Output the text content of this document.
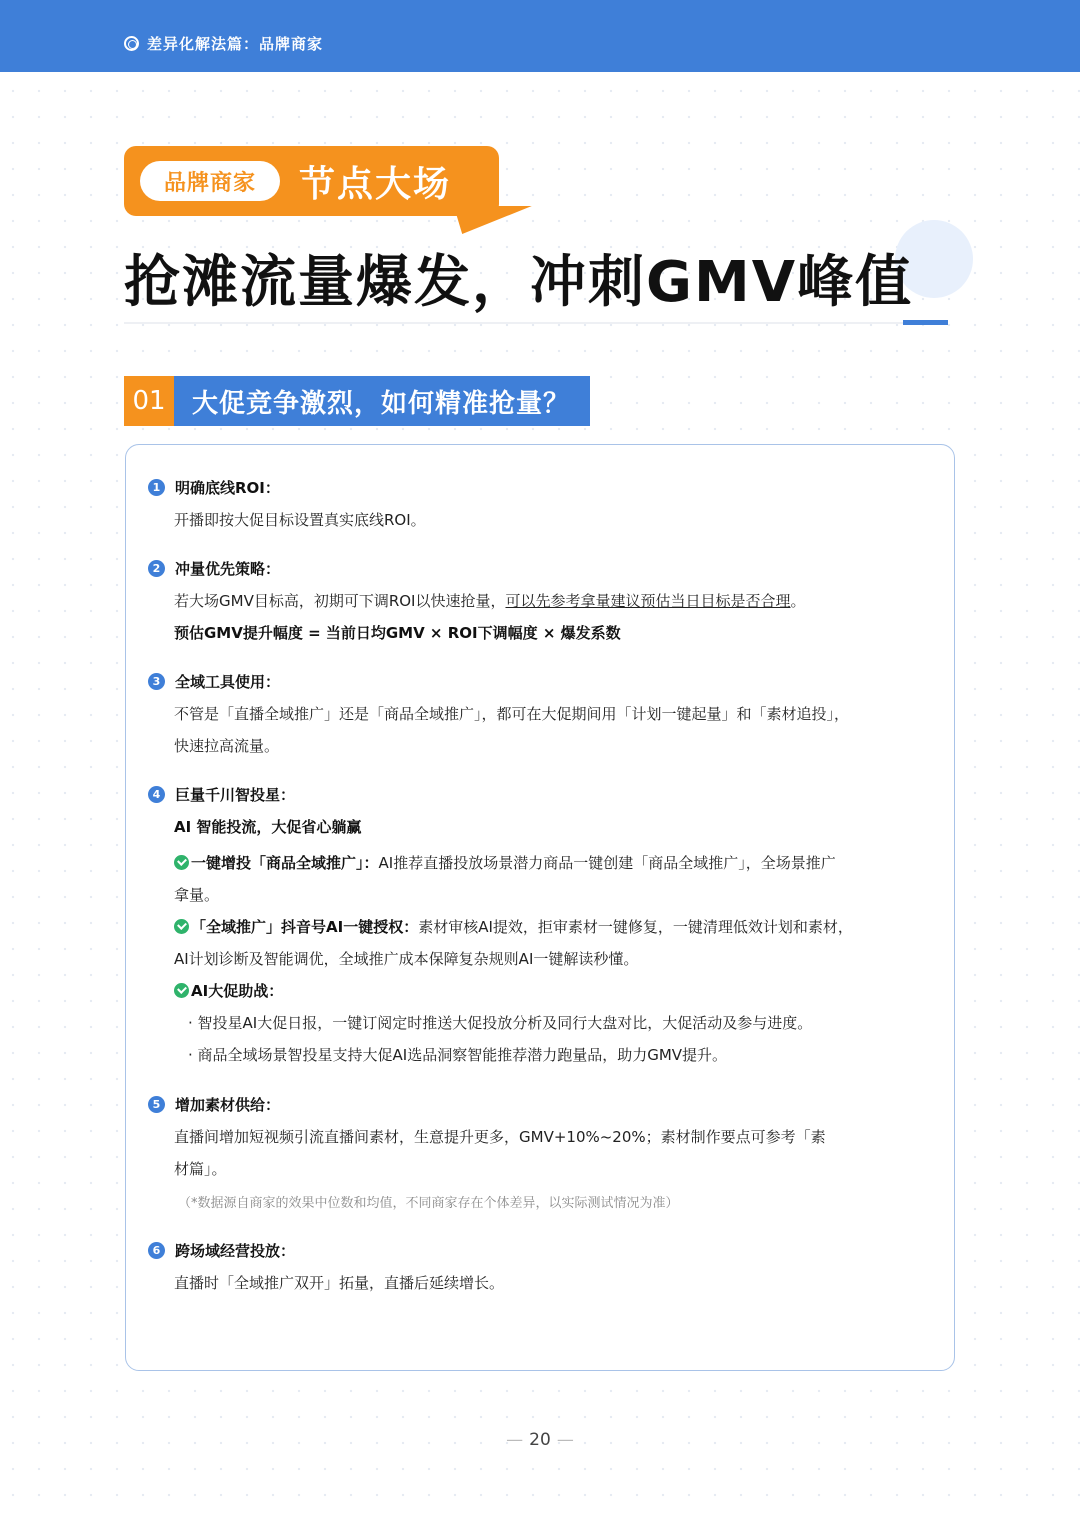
差异化解法篇：品牌商家
品牌商家	节点大场
抢滩流量爆发，冲刺GMV峰值
01	大促竞争激烈，如何精准抢量？
1 明确底线ROI：
开播即按大促目标设置真实底线ROI。
2 冲量优先策略：
若大场GMV目标高，初期可下调ROI以快速抢量，可以先参考拿量建议预估当日目标是否合理。
预估GMV提升幅度 = 当前日均GMV × ROI下调幅度 × 爆发系数
3 全域工具使用：
不管是「直播全域推广」还是「商品全域推广」，都可在大促期间用「计划一键起量」和「素材追投」，
快速拉高流量。
4 巨量千川智投星：
AI 智能投流，大促省心躺赢
一键增投「商品全域推广」：AI推荐直播投放场景潜力商品一键创建「商品全域推广」，全场景推广
拿量。
「全域推广」抖音号AI一键授权：素材审核AI提效，拒审素材一键修复，一键清理低效计划和素材，
AI计划诊断及智能调优，全域推广成本保障复杂规则AI一键解读秒懂。
AI大促助战：
· 智投星AI大促日报，一键订阅定时推送大促投放分析及同行大盘对比，大促活动及参与进度。
· 商品全域场景智投星支持大促AI选品洞察智能推荐潜力跑量品，助力GMV提升。
5 增加素材供给：
直播间增加短视频引流直播间素材，生意提升更多，GMV+10%~20%；素材制作要点可参考「素
材篇」。
（*数据源自商家的效果中位数和均值，不同商家存在个体差异，以实际测试情况为准）
6 跨场域经营投放：
直播时「全域推广双开」拓量，直播后延续增长。
— 20 —
